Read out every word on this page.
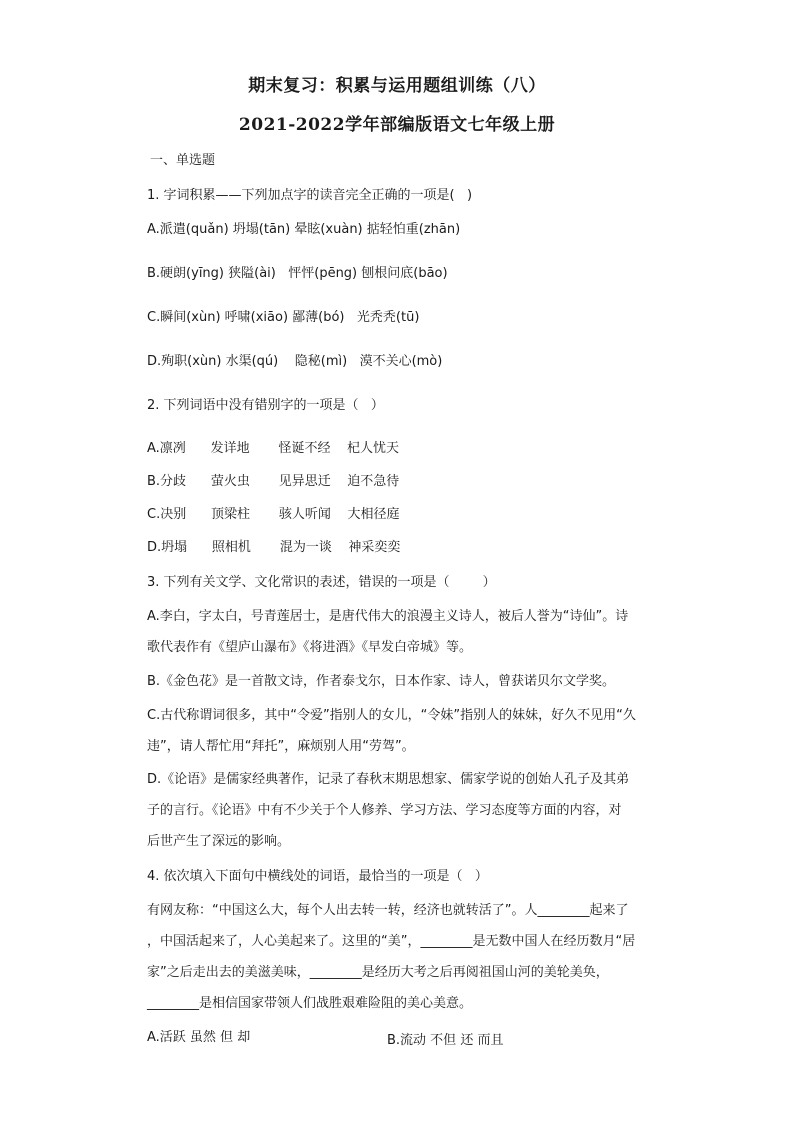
期末复习：积累与运用题组训练（八）
2021-2022学年部编版语文七年级上册
一、单选题
1. 字词积累——下列加点字的读音完全正确的一项是(   )
A.派遣(quǎn) 坍塌(tān) 晕眩(xuàn) 掂轻怕重(zhān)
B.硬朗(yīng) 狭隘(ài)   怦怦(pēng) 刨根问底(bāo)
C.瞬间(xùn) 呼啸(xiāo) 鄙薄(bó)   光秃秃(tū)
D.殉职(xùn) 水渠(qú)    隐秘(mì)   漠不关心(mò)
2. 下列词语中没有错别字的一项是（   ）
A.凛冽      发详地       怪诞不经    杞人忧天
B.分歧      萤火虫       见异思迁    迫不急待
C.决别      顶梁柱       骇人听闻    大相径庭
D.坍塌      照相机       混为一谈    神采奕奕
3. 下列有关文学、文化常识的表述，错误的一项是（        ）
A.李白，字太白，号青莲居士，是唐代伟大的浪漫主义诗人，被后人誉为“诗仙”。诗
歌代表作有《望庐山瀑布》《将进酒》《早发白帝城》等。
B.《金色花》是一首散文诗，作者泰戈尔，日本作家、诗人，曾获诺贝尔文学奖。
C.古代称谓词很多，其中“令爱”指别人的女儿，“令妹”指别人的妹妹，好久不见用“久
违”，请人帮忙用“拜托”，麻烦别人用“劳驾”。
D.《论语》是儒家经典著作，记录了春秋末期思想家、儒家学说的创始人孔子及其弟
子的言行。《论语》中有不少关于个人修养、学习方法、学习态度等方面的内容，对
后世产生了深远的影响。
4. 依次填入下面句中横线处的词语，最恰当的一项是（   ）
有网友称：“中国这么大，每个人出去转一转，经济也就转活了”。人________起来了
，中国活起来了，人心美起来了。这里的“美”，________是无数中国人在经历数月“居
家”之后走出去的美滋美味，________是经历大考之后再阅祖国山河的美轮美奂，
________是相信国家带领人们战胜艰难险阻的美心美意。
A.活跃 虽然 但 却	B.流动 不但 还 而且
